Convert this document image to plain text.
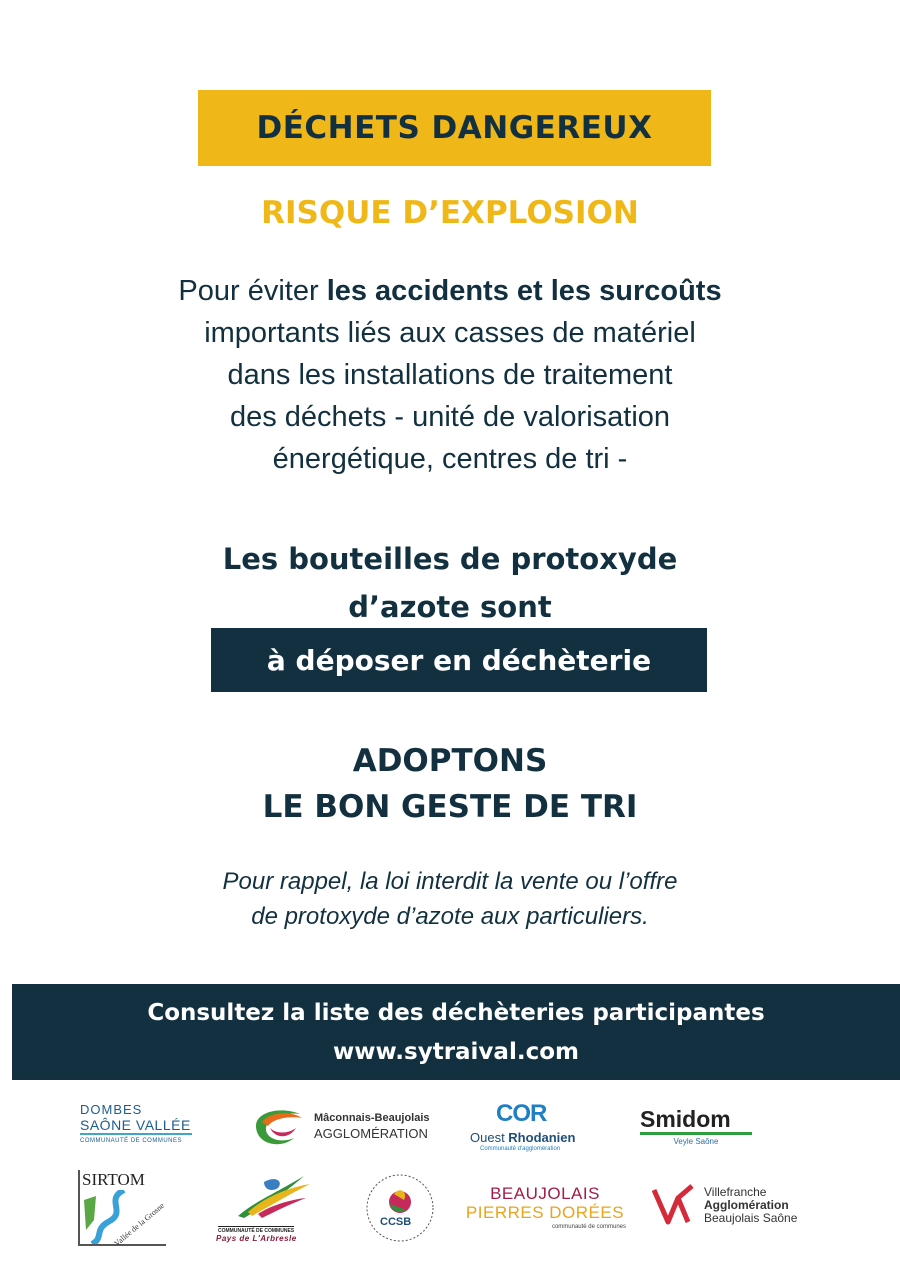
DÉCHETS DANGEREUX
RISQUE D’EXPLOSION
Pour éviter les accidents et les surcoûts
importants liés aux casses de matériel
dans les installations de traitement
des déchets - unité de valorisation
énergétique, centres de tri -
Les bouteilles de protoxyde
d’azote sont
à déposer en déchèterie
ADOPTONS
LE BON GESTE DE TRI
Pour rappel, la loi interdit la vente ou l’offre
de protoxyde d’azote aux particuliers.
Consultez la liste des déchèteries participantes
www.sytraival.com
DOMBES
SAÔNE VALLÉE
COMMUNAUTÉ DE COMMUNES
Mâconnais-Beaujolais
AGGLOMÉRATION
COR
Ouest Rhodanien
Communauté d'agglomération
Smidom
Veyle Saône
SIRTOM
Vallée de la Grosne	COMMUNAUTÉ DE COMMUNES
Pays de L'Arbresle
CCSB
BEAUJOLAIS
PIERRES DORÉES
communauté de communes
Villefranche
Agglomération
Beaujolais Saône
